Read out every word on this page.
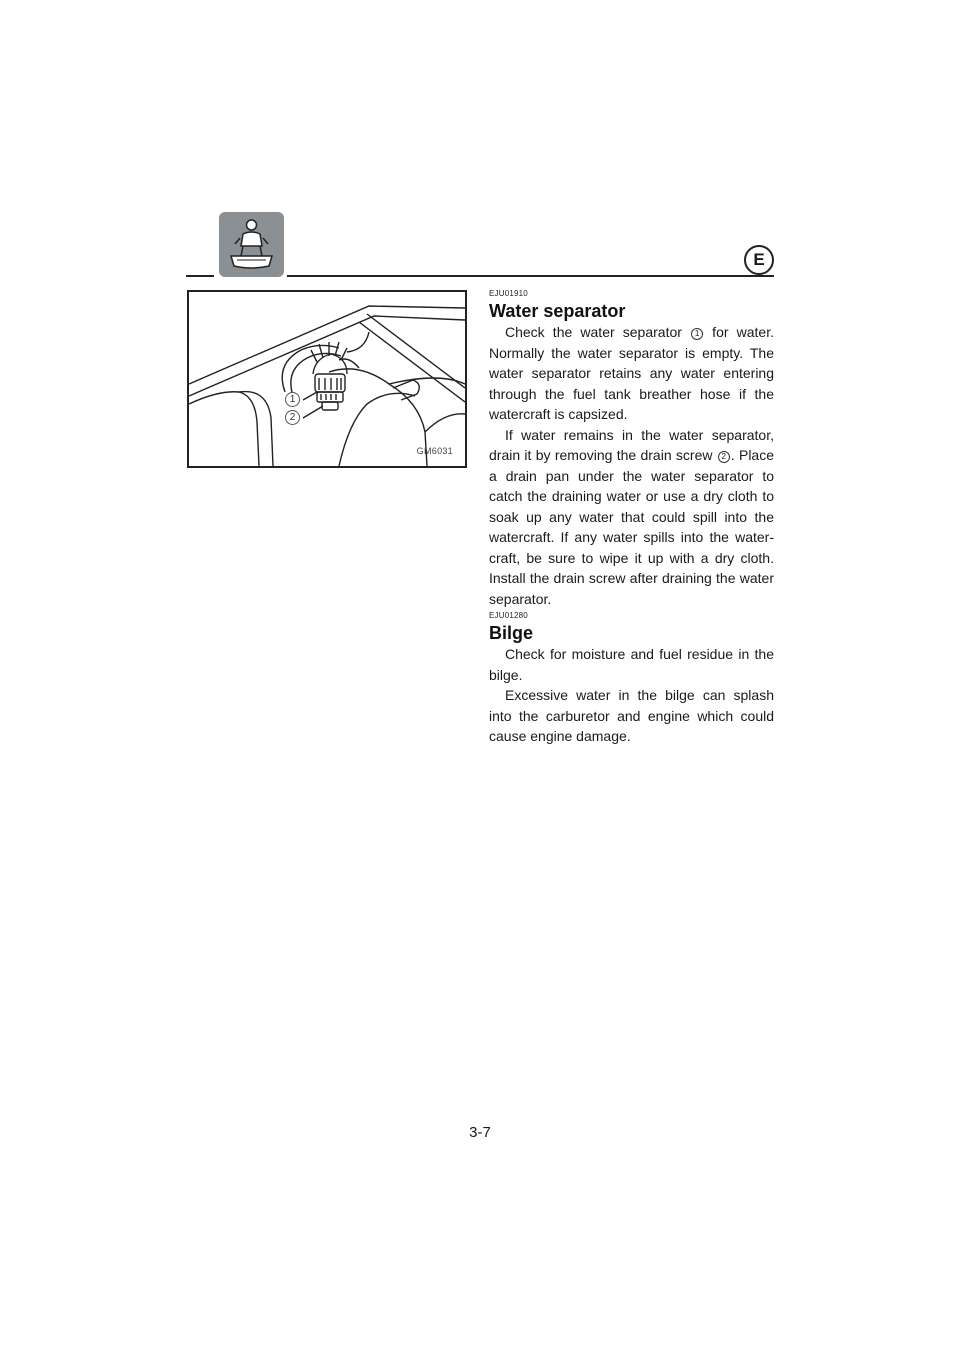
E
1
2
GM6031
EJU01910
Water separator

Check the water separator 1 for water. Normally the water separator is empty. The water separator retains any water entering through the fuel tank breather hose if the watercraft is capsized.

If water remains in the water separator, drain it by removing the drain screw 2 . Place a drain pan under the water separator to catch the draining water or use a dry cloth to soak up any water that could spill into the watercraft. If any water spills into the water-craft, be sure to wipe it up with a dry cloth. Install the drain screw after draining the water separator.

EJU01280
Bilge

Check for moisture and fuel residue in the bilge.

Excessive water in the bilge can splash into the carburetor and engine which could cause engine damage.

3-7
